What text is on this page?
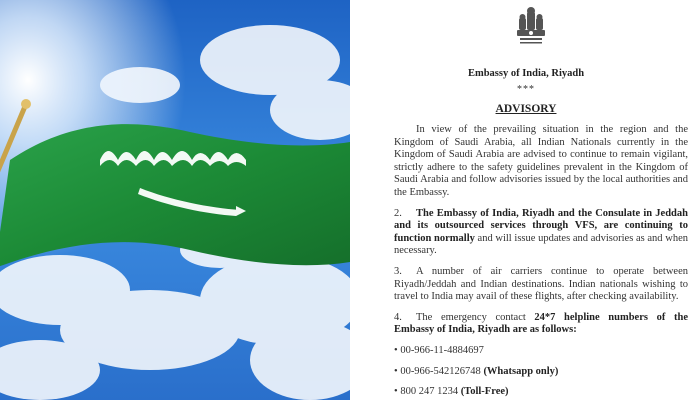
Embassy of India, Riyadh
***
ADVISORY

In view of the prevailing situation in the region and the Kingdom of Saudi Arabia, all Indian Nationals currently in the Kingdom of Saudi Arabia are advised to continue to remain vigilant, strictly adhere to the safety guidelines prevalent in the Kingdom of Saudi Arabia and follow advisories issued by the local authorities and the Embassy.

2. The Embassy of India, Riyadh and the Consulate in Jeddah and its outsourced services through VFS, are continuing to function normally and will issue updates and advisories as and when necessary.

3. A number of air carriers continue to operate between Riyadh/Jeddah and Indian destinations. Indian nationals wishing to travel to India may avail of these flights, after checking availability.

4. The emergency contact 24*7 helpline numbers of the Embassy of India, Riyadh are as follows:

• 00-966-11-4884697
• 00-966-542126748 (Whatsapp only)
• 800 247 1234 (Toll-Free)
